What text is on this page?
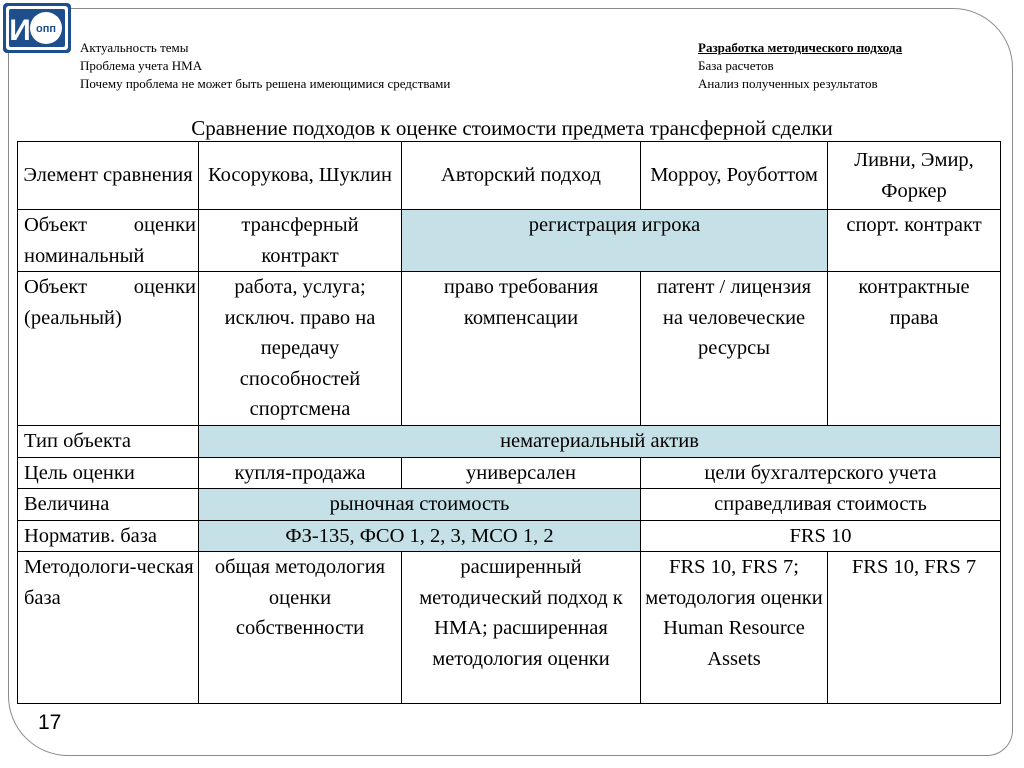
И опп
Актуальность темы
Проблема учета НМА
Почему проблема не может быть решена имеющимися средствами
Разработка методического подхода
База расчетов
Анализ полученных результатов
Сравнение подходов к оценке стоимости предмета трансферной сделки
Элемент сравнения	Косорукова, Шуклин	Авторский подход	Морроу, Роуботтом	Ливни, Эмир, Форкер
Объект оценки номинальный	трансферный контракт	регистрация игрока		спорт. контракт
Объект оценки (реальный)	работа, услуга; исключ. право на передачу способностей спортсмена	право требования компенсации	патент / лицензия на человеческие ресурсы	контрактные права
Тип объекта	нематериальный актив			
Цель оценки	купля-продажа	универсален	цели бухгалтерского учета	
Величина	рыночная стоимость		справедливая стоимость	
Норматив. база	ФЗ-135, ФСО 1, 2, 3, МСО 1, 2		FRS 10	
Методологи-ческая база	общая методология оценки собственности	расширенный методический подход к НМА; расширенная методология оценки	FRS 10, FRS 7; методология оценки Human Resource Assets	FRS 10, FRS 7
17
